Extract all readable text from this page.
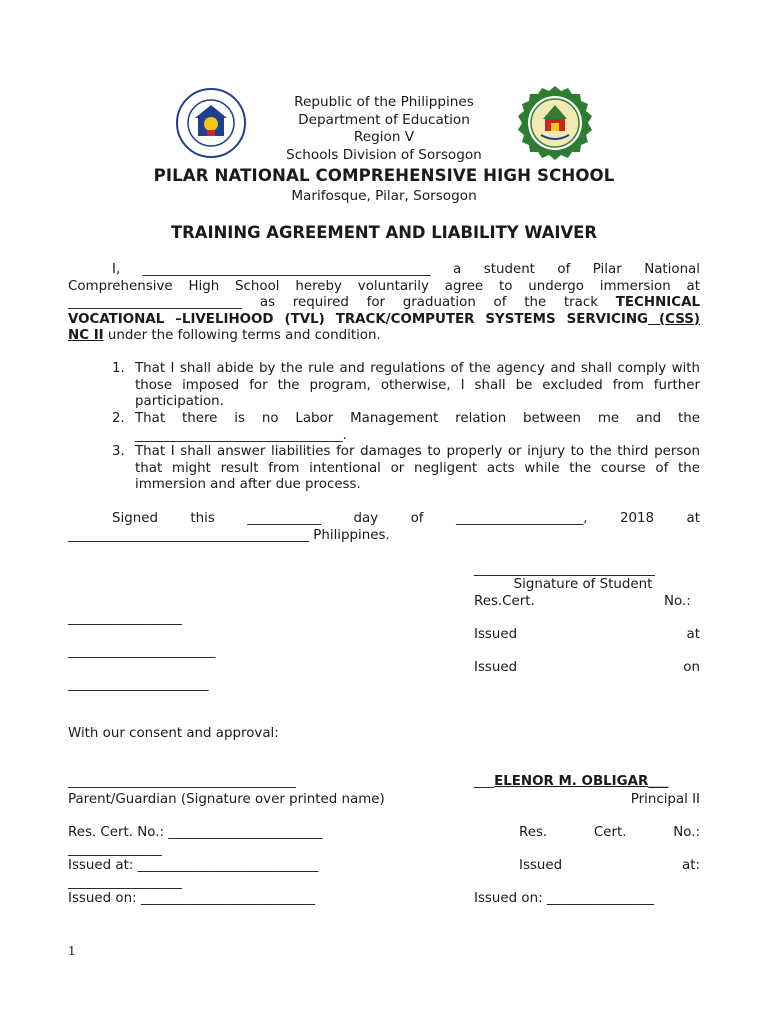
Republic of the Philippines
Department of Education
Region V
Schools Division of Sorsogon
PILAR NATIONAL COMPREHENSIVE HIGH SCHOOL
Marifosque, Pilar, Sorsogon
TRAINING AGREEMENT AND LIABILITY WAIVER
I, ___________________________________________ a student of Pilar National
Comprehensive High School hereby voluntarily agree to undergo immersion at
__________________________ as required for graduation of the track TECHNICAL
VOCATIONAL –LIVELIHOOD (TVL) TRACK/COMPUTER SYSTEMS SERVICING (CSS)
NC II under the following terms and condition.
1. That I shall abide by the rule and regulations of the agency and shall comply with those imposed for the program, otherwise, I shall be excluded from further participation.
2. That there is no Labor Management relation between me and the _______________________________.
3. That I shall answer liabilities for damages to properly or injury to the third person that might result from intentional or negligent acts while the course of the immersion and after due process.
Signed this ___________ day of ___________________, 2018 at
____________________________________ Philippines.
___________________________
Signature of Student
Res.Cert. No.:
_________________
Issued at
______________________
Issued on
_____________________
With our consent and approval:
__________________________________
Parent/Guardian (Signature over printed name)
Res. Cert. No.: _______________________
______________
Issued at: ___________________________
_________________
Issued on: __________________________
___ELENOR M. OBLIGAR___
Principal II
Res. Cert. No.:
Issued at:
Issued on: ________________
1
